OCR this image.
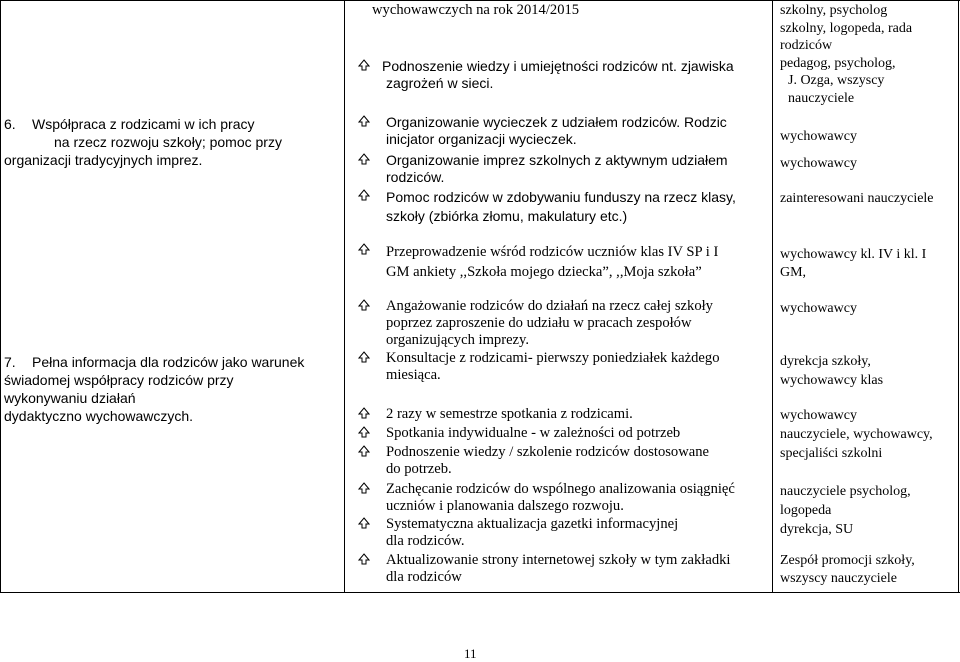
6. Współpraca z rodzicami w ich pracy
na rzecz rozwoju szkoły; pomoc przy
organizacji tradycyjnych imprez.
7. Pełna informacja dla rodziców jako warunek
świadomej współpracy rodziców przy
wykonywaniu działań
dydaktyczno wychowawczych.
wychowawczych na rok 2014/2015
Podnoszenie wiedzy i umiejętności rodziców nt. zjawiska
zagrożeń w sieci.
Organizowanie wycieczek z udziałem rodziców. Rodzic
inicjator organizacji wycieczek.
Organizowanie imprez szkolnych z aktywnym udziałem
rodziców.
Pomoc rodziców w zdobywaniu funduszy na rzecz klasy,
szkoły (zbiórka złomu, makulatury etc.)
Przeprowadzenie wśród rodziców uczniów klas IV SP i I
GM ankiety ,,Szkoła mojego dziecka”, ,,Moja szkoła”
Angażowanie rodziców do działań na rzecz całej szkoły
poprzez zaproszenie do udziału w pracach zespołów
organizujących imprezy.
Konsultacje z rodzicami- pierwszy poniedziałek każdego
miesiąca.
2 razy w semestrze spotkania z rodzicami.
Spotkania indywidualne - w zależności od potrzeb
Podnoszenie wiedzy / szkolenie rodziców dostosowane
do potrzeb.
Zachęcanie rodziców do wspólnego analizowania osiągnięć
uczniów i planowania dalszego rozwoju.
Systematyczna aktualizacja gazetki informacyjnej
dla rodziców.
Aktualizowanie strony internetowej szkoły w tym zakładki
dla rodziców
szkolny, psycholog
szkolny, logopeda, rada
rodziców
pedagog, psycholog,
J. Ozga, wszyscy
nauczyciele
wychowawcy
wychowawcy
zainteresowani nauczyciele
wychowawcy kl. IV i kl. I
GM,
wychowawcy
dyrekcja szkoły,
wychowawcy klas
wychowawcy
nauczyciele, wychowawcy,
specjaliści szkolni
nauczyciele psycholog,
logopeda
dyrekcja, SU
Zespół promocji szkoły,
wszyscy nauczyciele
11
